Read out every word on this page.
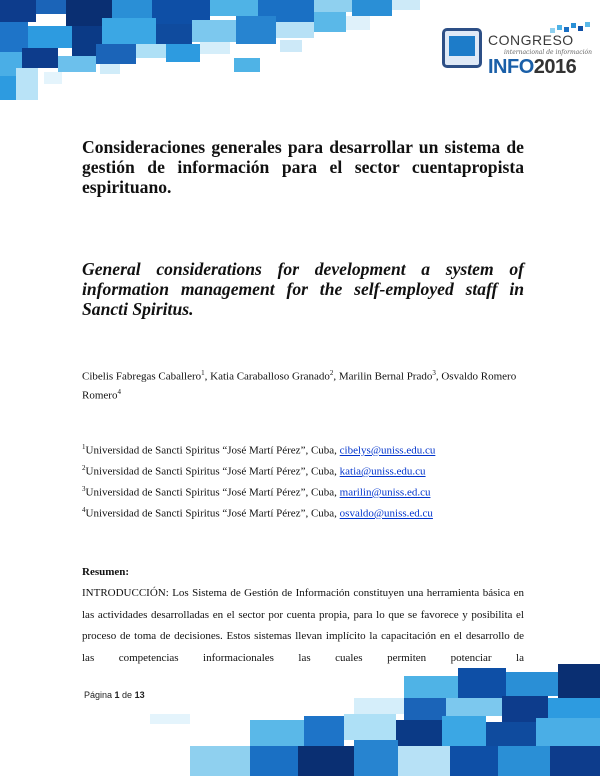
CONGRESO
internacional de información
INFO2016
Consideraciones generales para desarrollar un sistema de gestión de información para el sector cuentapropista espirituano.
General considerations for development a system of information management for the self-employed staff in Sancti Spiritus.
Cibelis Fabregas Caballero$^1$, Katia Caraballoso Granado$^2$, Marilin Bernal Prado$^3$, Osvaldo Romero Romero$^4$
$^1$Universidad de Sancti Spiritus “José Martí Pérez”, Cuba, cibelys@uniss.edu.cu
$^2$Universidad de Sancti Spiritus “José Martí Pérez”, Cuba, katia@uniss.edu.cu
$^3$Universidad de Sancti Spiritus “José Martí Pérez”, Cuba, marilin@uniss.ed.cu
$^4$Universidad de Sancti Spiritus “José Martí Pérez”, Cuba, osvaldo@uniss.ed.cu
Resumen:
INTRODUCCIÓN: Los Sistema de Gestión de Información constituyen una herramienta básica en las actividades desarrolladas en el sector por cuenta propia, para lo que se favorece y posibilita el proceso de toma de decisiones. Estos sistemas llevan implícito la capacitación en el desarrollo de las competencias informacionales las cuales permiten potenciar la
Página 1 de 13
